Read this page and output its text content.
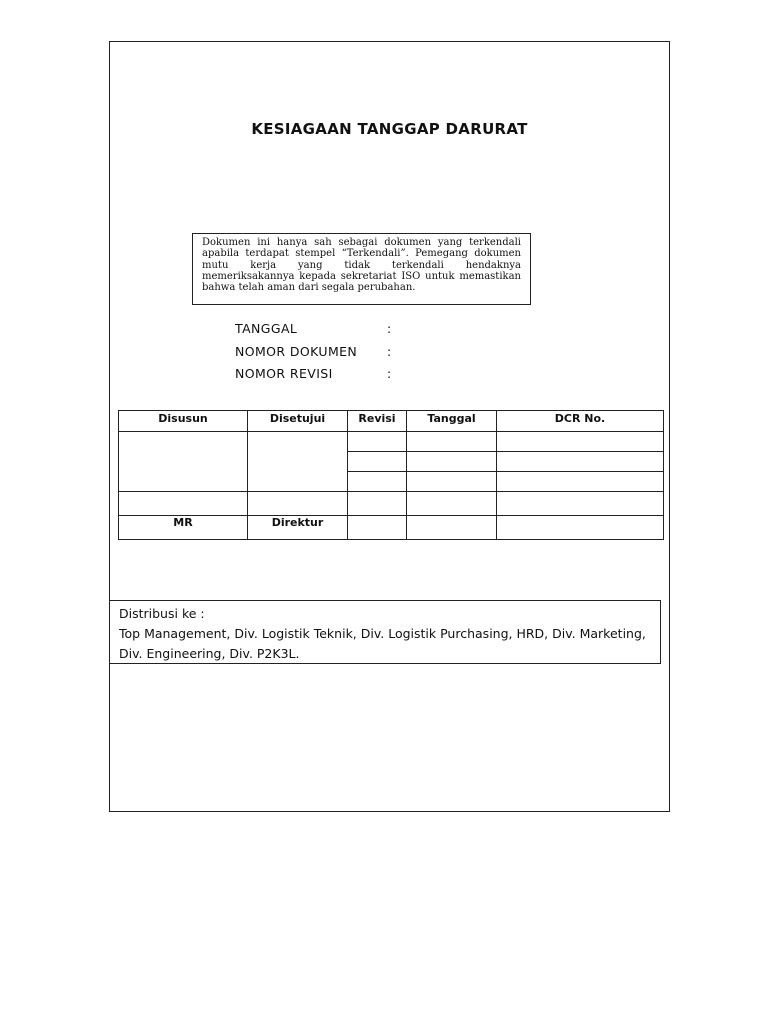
KESIAGAAN TANGGAP DARURAT
Dokumen ini hanya sah sebagai dokumen yang terkendali apabila terdapat stempel “Terkendali”. Pemegang dokumen mutu kerja yang tidak terkendali hendaknya memeriksakannya kepada sekretariat ISO untuk memastikan bahwa telah aman dari segala perubahan.
TANGGAL	:
NOMOR DOKUMEN :
NOMOR REVISI	:
Disusun	Disetujui	Revisi	Tanggal	DCR No.

MR	Direktur			
Distribusi ke :
Top Management, Div. Logistik Teknik, Div. Logistik Purchasing, HRD, Div. Marketing, Div. Engineering, Div. P2K3L.
